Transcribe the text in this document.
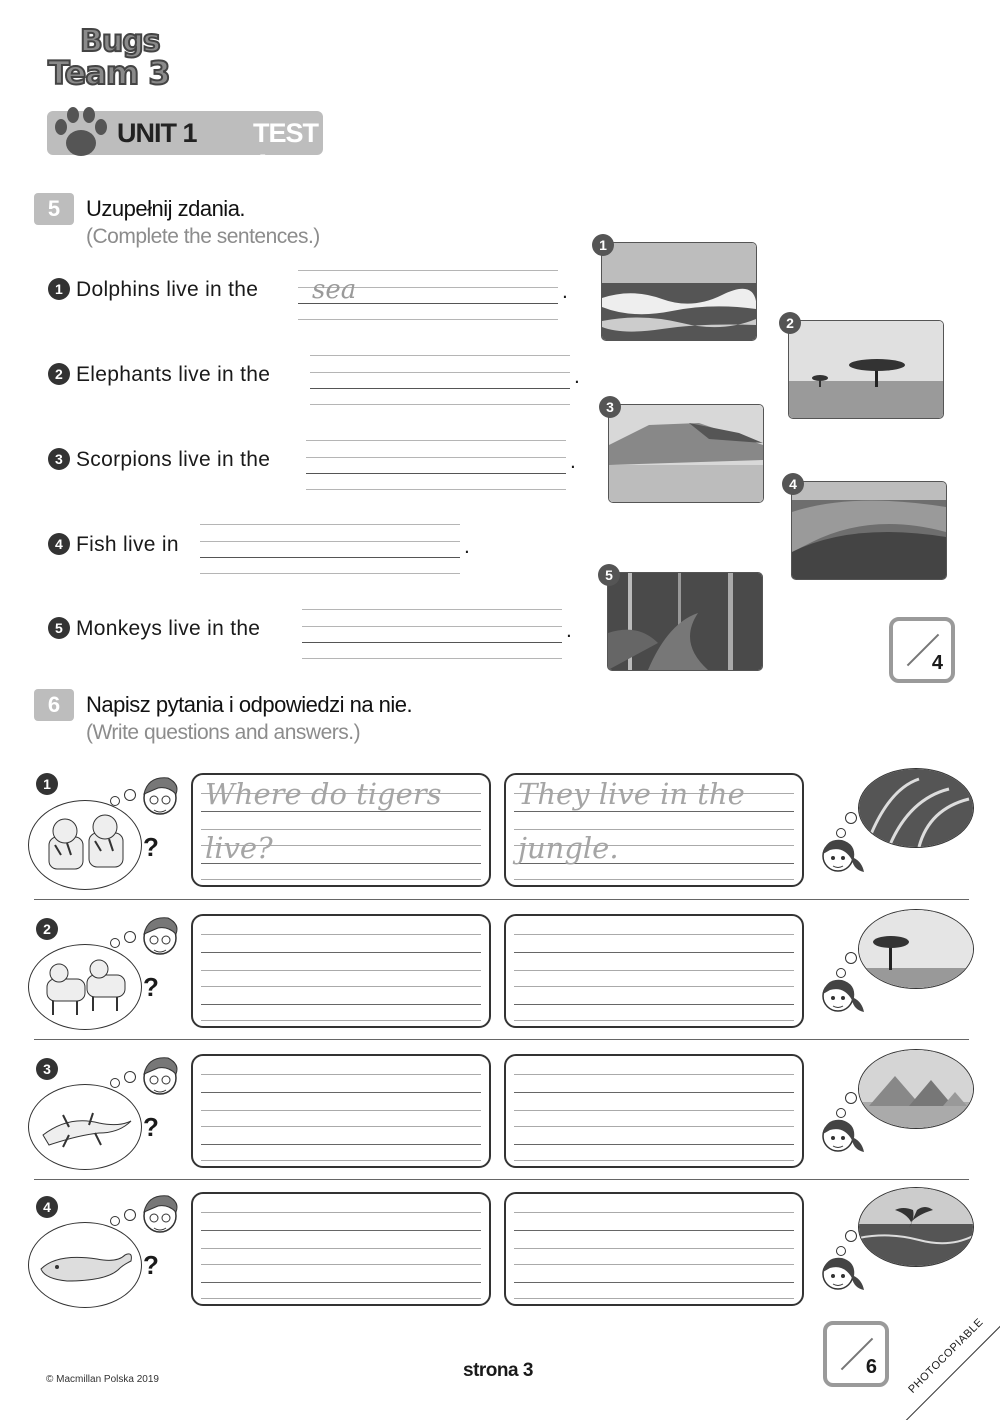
Bugs
Team 3
UNIT 1 TEST A
5	Uzupełnij zdania.
(Complete the sentences.)
1 Dolphins live in the sea	.
2 Elephants live in the	.
3 Scorpions live in the	.
4 Fish live in	.
5 Monkeys live in the	.
1
2
3
4
5
4
6	Napisz pytania i odpowiedzi na nie.
(Write questions and answers.)
1
?
Where do tigers
live?
They live in the
jungle.
2
?
3
?
4
?
6
© Macmillan Polska 2019	strona 3	PHOTOCOPIABLE
